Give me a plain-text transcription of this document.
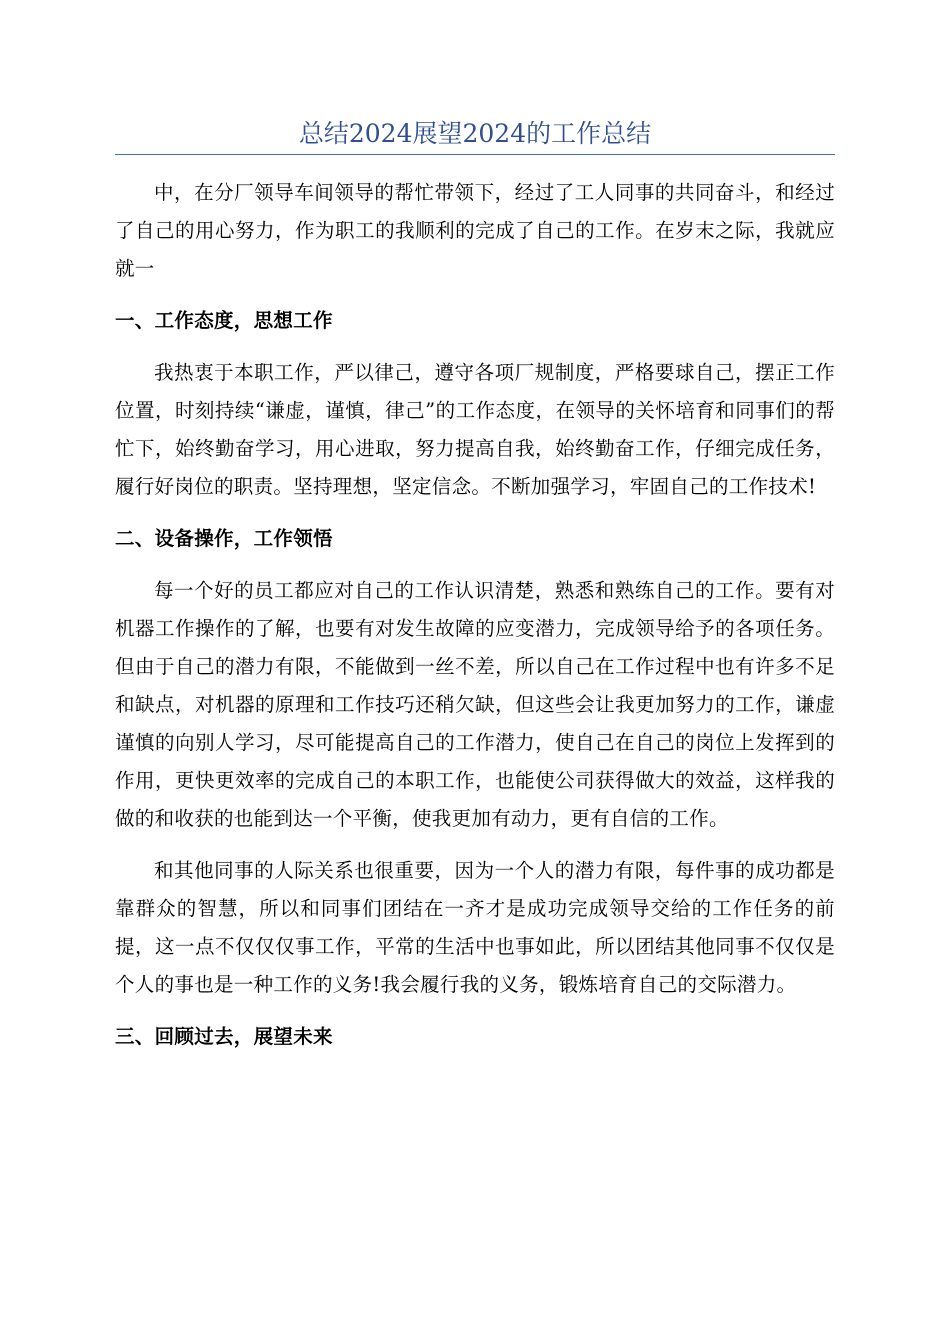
总结2024展望2024的工作总结

中，在分厂领导车间领导的帮忙带领下，经过了工人同事的共同奋斗，和经过了自己的用心努力，作为职工的我顺利的完成了自己的工作。在岁末之际，我就应就一

一、工作态度，思想工作

我热衷于本职工作，严以律己，遵守各项厂规制度，严格要球自己，摆正工作位置，时刻持续“谦虚，谨慎，律己”的工作态度，在领导的关怀培育和同事们的帮忙下，始终勤奋学习，用心进取，努力提高自我，始终勤奋工作，仔细完成任务，履行好岗位的职责。坚持理想，坚定信念。不断加强学习，牢固自己的工作技术!

二、设备操作，工作领悟

每一个好的员工都应对自己的工作认识清楚，熟悉和熟练自己的工作。要有对机器工作操作的了解，也要有对发生故障的应变潜力，完成领导给予的各项任务。但由于自己的潜力有限，不能做到一丝不差，所以自己在工作过程中也有许多不足和缺点，对机器的原理和工作技巧还稍欠缺，但这些会让我更加努力的工作，谦虚谨慎的向别人学习，尽可能提高自己的工作潜力，使自己在自己的岗位上发挥到的作用，更快更效率的完成自己的本职工作，也能使公司获得做大的效益，这样我的做的和收获的也能到达一个平衡，使我更加有动力，更有自信的工作。

和其他同事的人际关系也很重要，因为一个人的潜力有限，每件事的成功都是靠群众的智慧，所以和同事们团结在一齐才是成功完成领导交给的工作任务的前提，这一点不仅仅仅事工作，平常的生活中也事如此，所以团结其他同事不仅仅是个人的事也是一种工作的义务!我会履行我的义务，锻炼培育自己的交际潜力。

三、回顾过去，展望未来
